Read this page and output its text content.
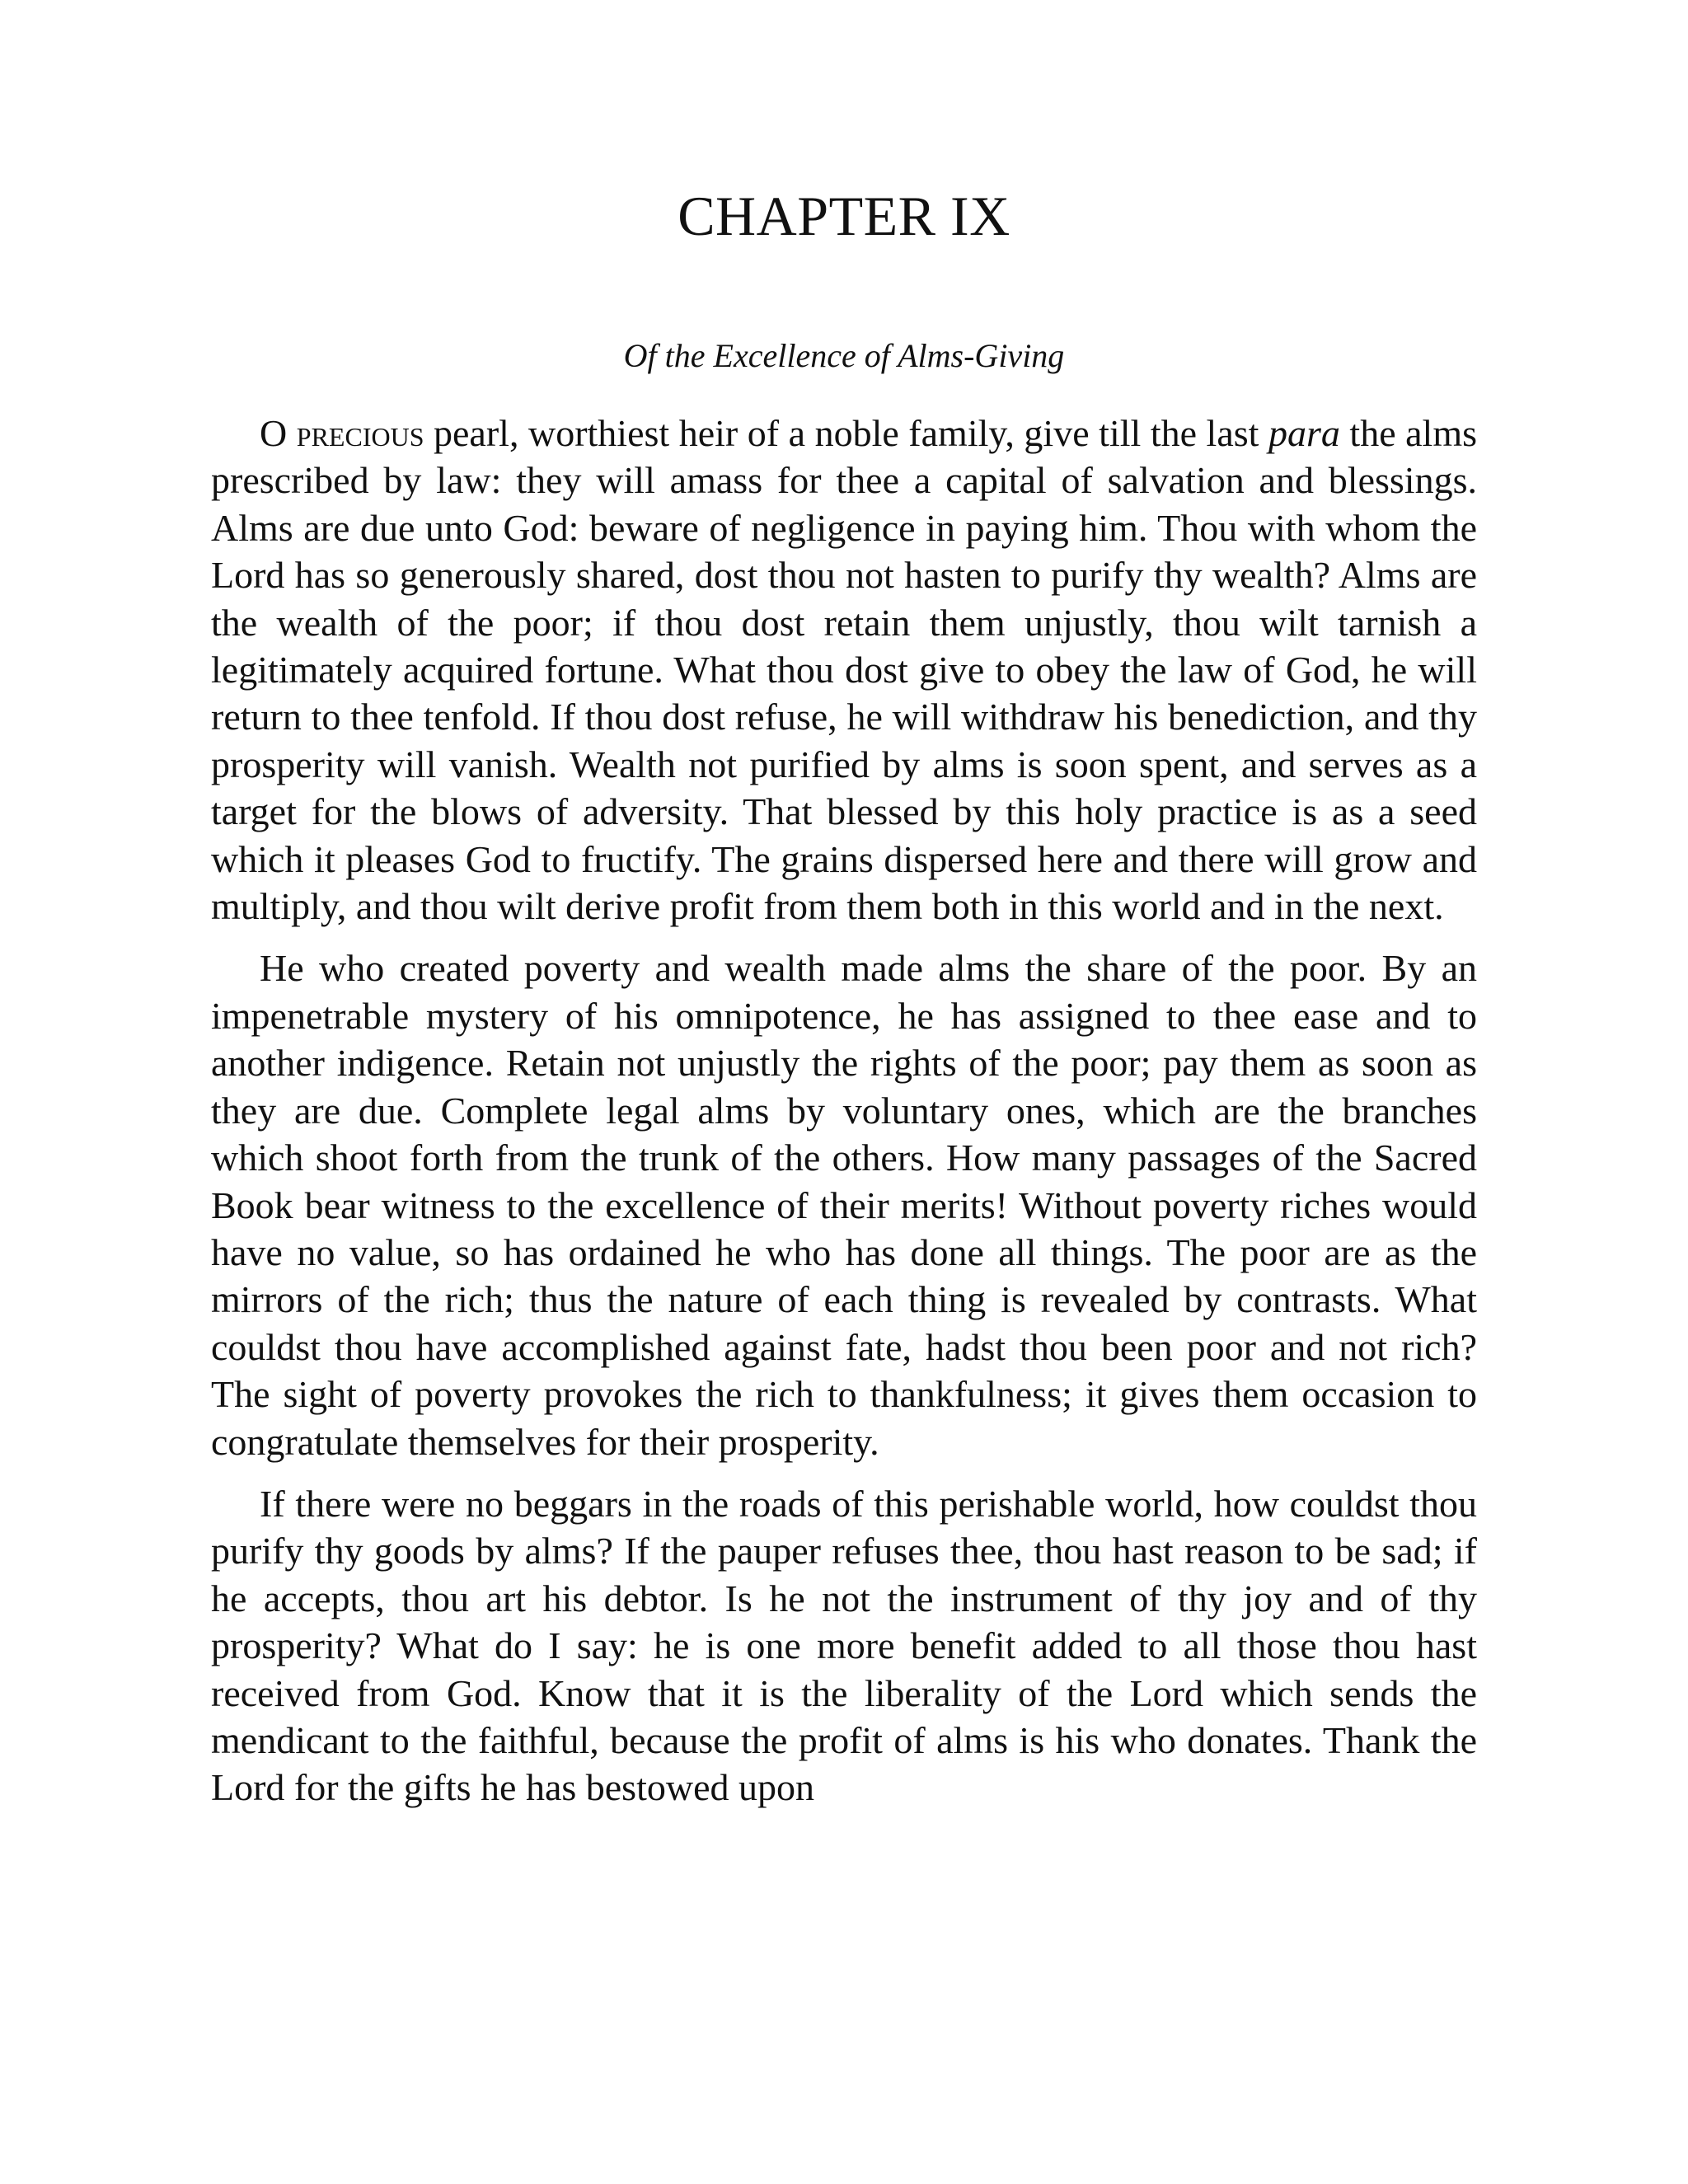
CHAPTER IX
Of the Excellence of Alms-Giving

O precious pearl, worthiest heir of a noble family, give till the last para the alms prescribed by law: they will amass for thee a capital of salvation and blessings. Alms are due unto God: beware of negligence in paying him. Thou with whom the Lord has so generously shared, dost thou not hasten to purify thy wealth? Alms are the wealth of the poor; if thou dost retain them unjustly, thou wilt tarnish a legitimately acquired fortune. What thou dost give to obey the law of God, he will return to thee tenfold. If thou dost refuse, he will withdraw his benediction, and thy prosperity will vanish. Wealth not purified by alms is soon spent, and serves as a target for the blows of adversity. That blessed by this holy practice is as a seed which it pleases God to fructify. The grains dispersed here and there will grow and multiply, and thou wilt derive profit from them both in this world and in the next.

He who created poverty and wealth made alms the share of the poor. By an impenetrable mystery of his omnipotence, he has assigned to thee ease and to another indigence. Retain not unjustly the rights of the poor; pay them as soon as they are due. Complete legal alms by voluntary ones, which are the branches which shoot forth from the trunk of the others. How many passages of the Sacred Book bear witness to the excellence of their merits! Without poverty riches would have no value, so has ordained he who has done all things. The poor are as the mirrors of the rich; thus the nature of each thing is revealed by contrasts. What couldst thou have accomplished against fate, hadst thou been poor and not rich? The sight of poverty provokes the rich to thankfulness; it gives them occasion to congratulate themselves for their prosperity.

If there were no beggars in the roads of this perishable world, how couldst thou purify thy goods by alms? If the pauper refuses thee, thou hast reason to be sad; if he accepts, thou art his debtor. Is he not the instrument of thy joy and of thy prosperity? What do I say: he is one more benefit added to all those thou hast received from God. Know that it is the liberality of the Lord which sends the mendicant to the faithful, because the profit of alms is his who donates. Thank the Lord for the gifts he has bestowed upon
